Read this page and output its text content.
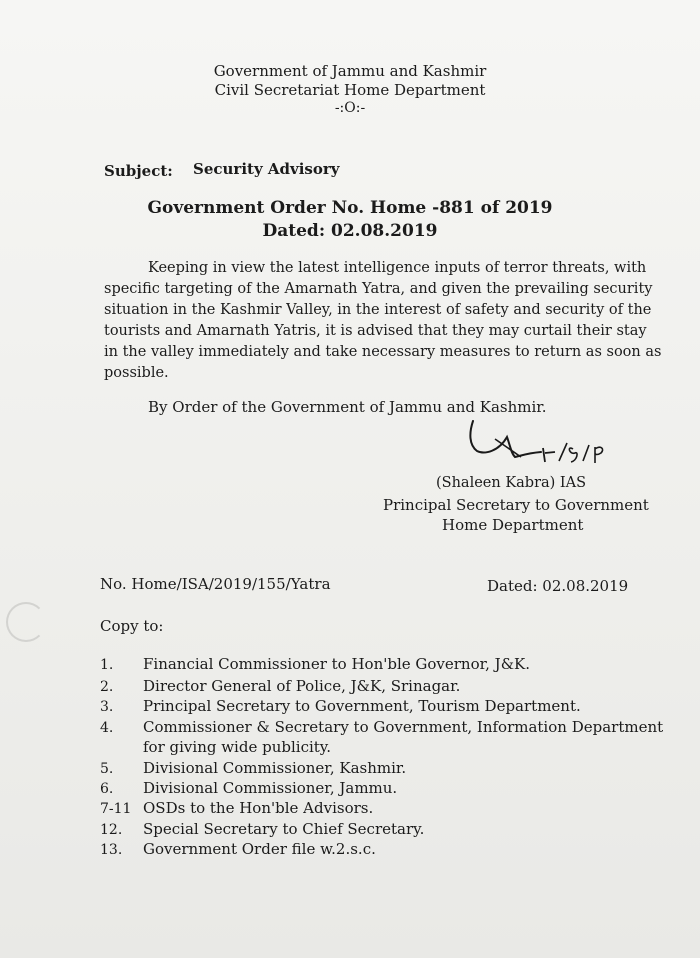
Government of Jammu and Kashmir
Civil Secretariat Home Department
-:O:-
Subject: Security Advisory
Government Order No. Home -881 of 2019
Dated: 02.08.2019
Keeping in view the latest intelligence inputs of terror threats, with
specific targeting of the Amarnath Yatra, and given the prevailing security
situation in the Kashmir Valley, in the interest of safety and security of the
tourists and Amarnath Yatris, it is advised that they may curtail their stay
in the valley immediately and take necessary measures to return as soon as
possible.
By Order of the Government of Jammu and Kashmir.
(Shaleen Kabra) IAS
Principal Secretary to Government
Home Department
No. Home/ISA/2019/155/Yatra	Dated: 02.08.2019
Copy to:
1. Financial Commissioner to Hon'ble Governor, J&K.
2. Director General of Police, J&K, Srinagar.
3. Principal Secretary to Government, Tourism Department.
4. Commissioner & Secretary to Government, Information Department
for giving wide publicity.
5. Divisional Commissioner, Kashmir.
6. Divisional Commissioner, Jammu.
7-11 OSDs to the Hon'ble Advisors.
12. Special Secretary to Chief Secretary.
13. Government Order file w.2.s.c.
